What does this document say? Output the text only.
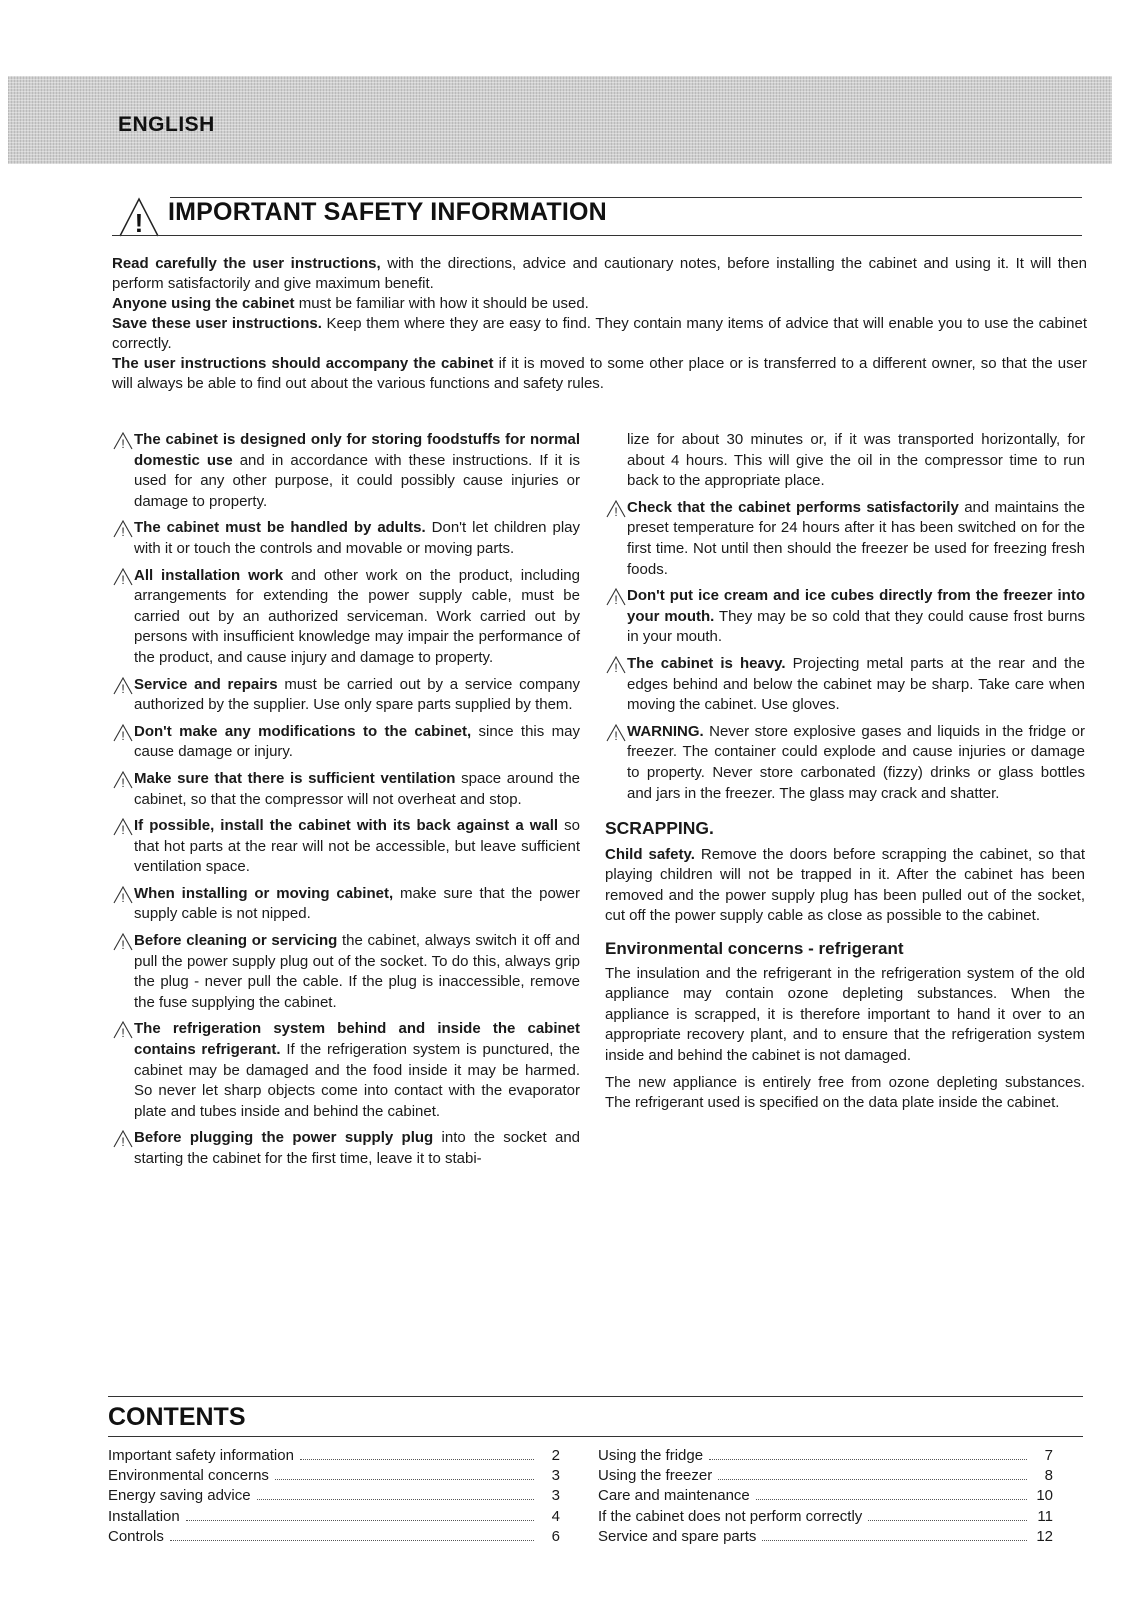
ENGLISH
! IMPORTANT SAFETY INFORMATION

Read carefully the user instructions, with the directions, advice and cautionary notes, before installing the cabinet and using it. It will then perform satisfactorily and give maximum benefit.

Anyone using the cabinet must be familiar with how it should be used.

Save these user instructions. Keep them where they are easy to find. They contain many items of advice that will enable you to use the cabinet correctly.

The user instructions should accompany the cabinet if it is moved to some other place or is transferred to a different owner, so that the user will always be able to find out about the various functions and safety rules.

! The cabinet is designed only for storing foodstuffs for normal domestic use and in accordance with these instructions. If it is used for any other purpose, it could possibly cause injuries or damage to property.
! The cabinet must be handled by adults. Don't let children play with it or touch the controls and movable or moving parts.
! All installation work and other work on the product, including arrangements for extending the power supply cable, must be carried out by an authorized serviceman. Work carried out by persons with insufficient knowledge may impair the performance of the product, and cause injury and damage to property.
! Service and repairs must be carried out by a service company authorized by the supplier. Use only spare parts supplied by them.
! Don't make any modifications to the cabinet, since this may cause damage or injury.
! Make sure that there is sufficient ventilation space around the cabinet, so that the compressor will not overheat and stop.
! If possible, install the cabinet with its back against a wall so that hot parts at the rear will not be accessible, but leave sufficient ventilation space.
! When installing or moving cabinet, make sure that the power supply cable is not nipped.
! Before cleaning or servicing the cabinet, always switch it off and pull the power supply plug out of the socket. To do this, always grip the plug - never pull the cable. If the plug is inaccessible, remove the fuse supplying the cabinet.
! The refrigeration system behind and inside the cabinet contains refrigerant. If the refrigeration system is punctured, the cabinet may be damaged and the food inside it may be harmed. So never let sharp objects come into contact with the evaporator plate and tubes inside and behind the cabinet.
! Before plugging the power supply plug into the socket and starting the cabinet for the first time, leave it to stabi-

lize for about 30 minutes or, if it was transported horizontally, for about 4 hours. This will give the oil in the compressor time to run back to the appropriate place.

! Check that the cabinet performs satisfactorily and maintains the preset temperature for 24 hours after it has been switched on for the first time. Not until then should the freezer be used for freezing fresh foods.
! Don't put ice cream and ice cubes directly from the freezer into your mouth. They may be so cold that they could cause frost burns in your mouth.
! The cabinet is heavy. Projecting metal parts at the rear and the edges behind and below the cabinet may be sharp. Take care when moving the cabinet. Use gloves.
! WARNING. Never store explosive gases and liquids in the fridge or freezer. The container could explode and cause injuries or damage to property. Never store carbonated (fizzy) drinks or glass bottles and jars in the freezer. The glass may crack and shatter.
SCRAPPING.

Child safety. Remove the doors before scrapping the cabinet, so that playing children will not be trapped in it. After the cabinet has been removed and the power supply plug has been pulled out of the socket, cut off the power supply cable as close as possible to the cabinet.

Environmental concerns - refrigerant

The insulation and the refrigerant in the refrigeration system of the old appliance may contain ozone depleting substances. When the appliance is scrapped, it is therefore important to hand it over to an appropriate recovery plant, and to ensure that the refrigeration system inside and behind the cabinet is not damaged.

The new appliance is entirely free from ozone depleting substances. The refrigerant used is specified on the data plate inside the cabinet.

CONTENTS
Important safety information	2
Environmental concerns	3
Energy saving advice	3
Installation	4
Controls	6
Using the fridge	7
Using the freezer	8
Care and maintenance	10
If the cabinet does not perform correctly	11
Service and spare parts	12
